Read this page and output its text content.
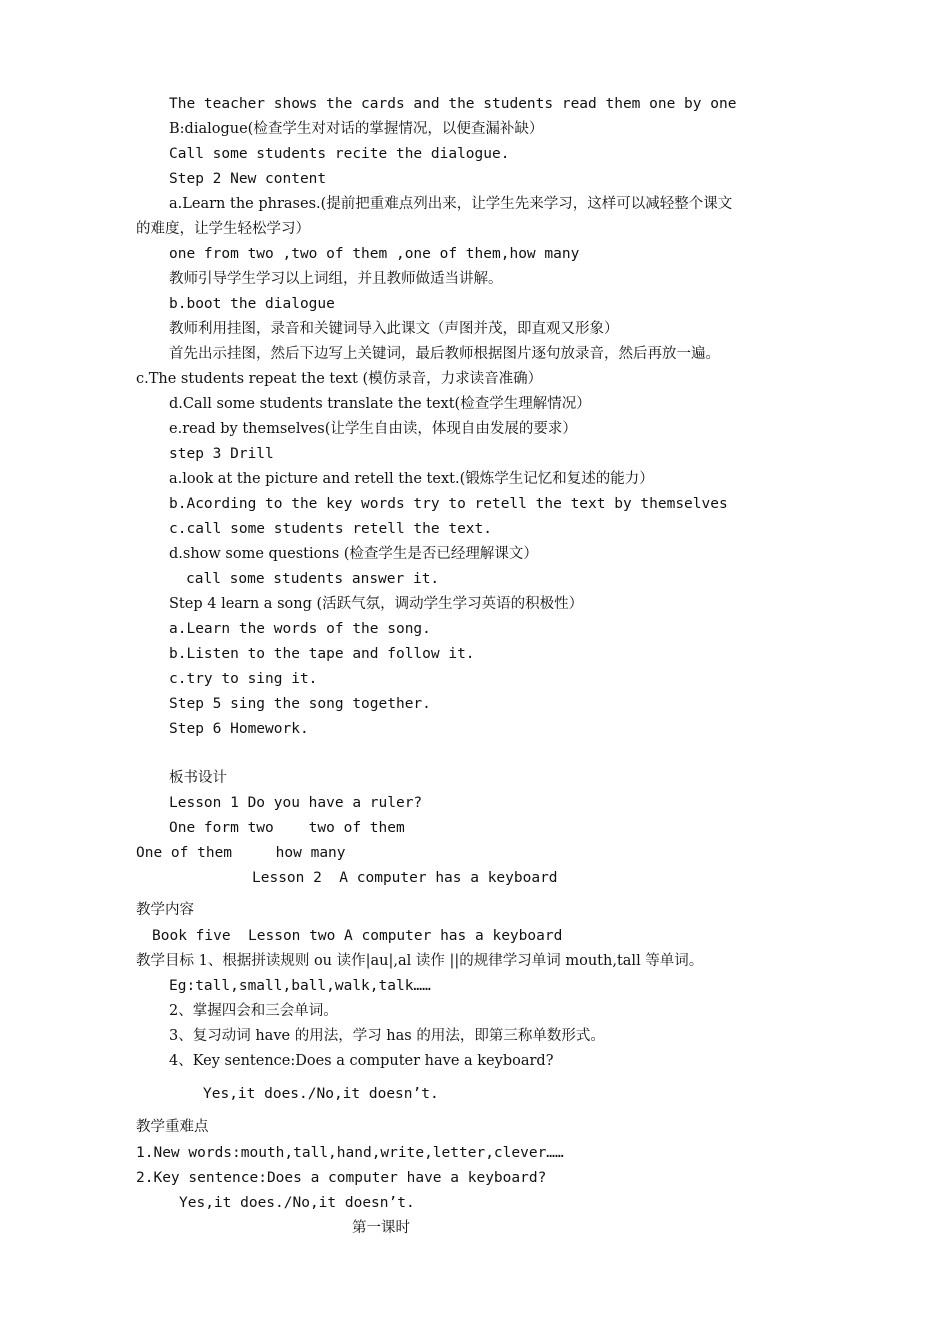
The teacher shows the cards and the students read them one by one
B:dialogue(检查学生对对话的掌握情况，以便查漏补缺）
Call some students recite the dialogue.
Step 2 New content
a.Learn the phrases.(提前把重难点列出来，让学生先来学习，这样可以减轻整个课文
的难度，让学生轻松学习）
one from two ,two of them ,one of them,how many
教师引导学生学习以上词组，并且教师做适当讲解。
b.boot the dialogue
教师利用挂图，录音和关键词导入此课文（声图并茂，即直观又形象）
首先出示挂图，然后下边写上关键词，最后教师根据图片逐句放录音，然后再放一遍。
c.The students repeat the text (模仿录音，力求读音准确）
d.Call some students translate the text(检查学生理解情况）
e.read by themselves(让学生自由读，体现自由发展的要求）
step 3 Drill
a.look at the picture and retell the text.(锻炼学生记忆和复述的能力）
b.Acording to the key words try to retell the text by themselves
c.call some students retell the text.
d.show some questions (检查学生是否已经理解课文）
call some students answer it.
Step 4 learn a song (活跃气氛，调动学生学习英语的积极性）
a.Learn the words of the song.
b.Listen to the tape and follow it.
c.try to sing it.
Step 5 sing the song together.
Step 6 Homework.
板书设计
Lesson 1 Do you have a ruler?
One form two    two of them
One of them     how many
Lesson 2  A computer has a keyboard
教学内容
Book five  Lesson two A computer has a keyboard
教学目标 1、根据拼读规则 ou 读作|au|,al 读作 ||的规律学习单词 mouth,tall 等单词。
Eg:tall,small,ball,walk,talk……
2、掌握四会和三会单词。
3、复习动词 have 的用法，学习 has 的用法，即第三称单数形式。
4、Key sentence:Does a computer have a keyboard?
Yes,it does./No,it doesn’t.
教学重难点
1.New words:mouth,tall,hand,write,letter,clever……
2.Key sentence:Does a computer have a keyboard?
Yes,it does./No,it doesn’t.
第一课时
